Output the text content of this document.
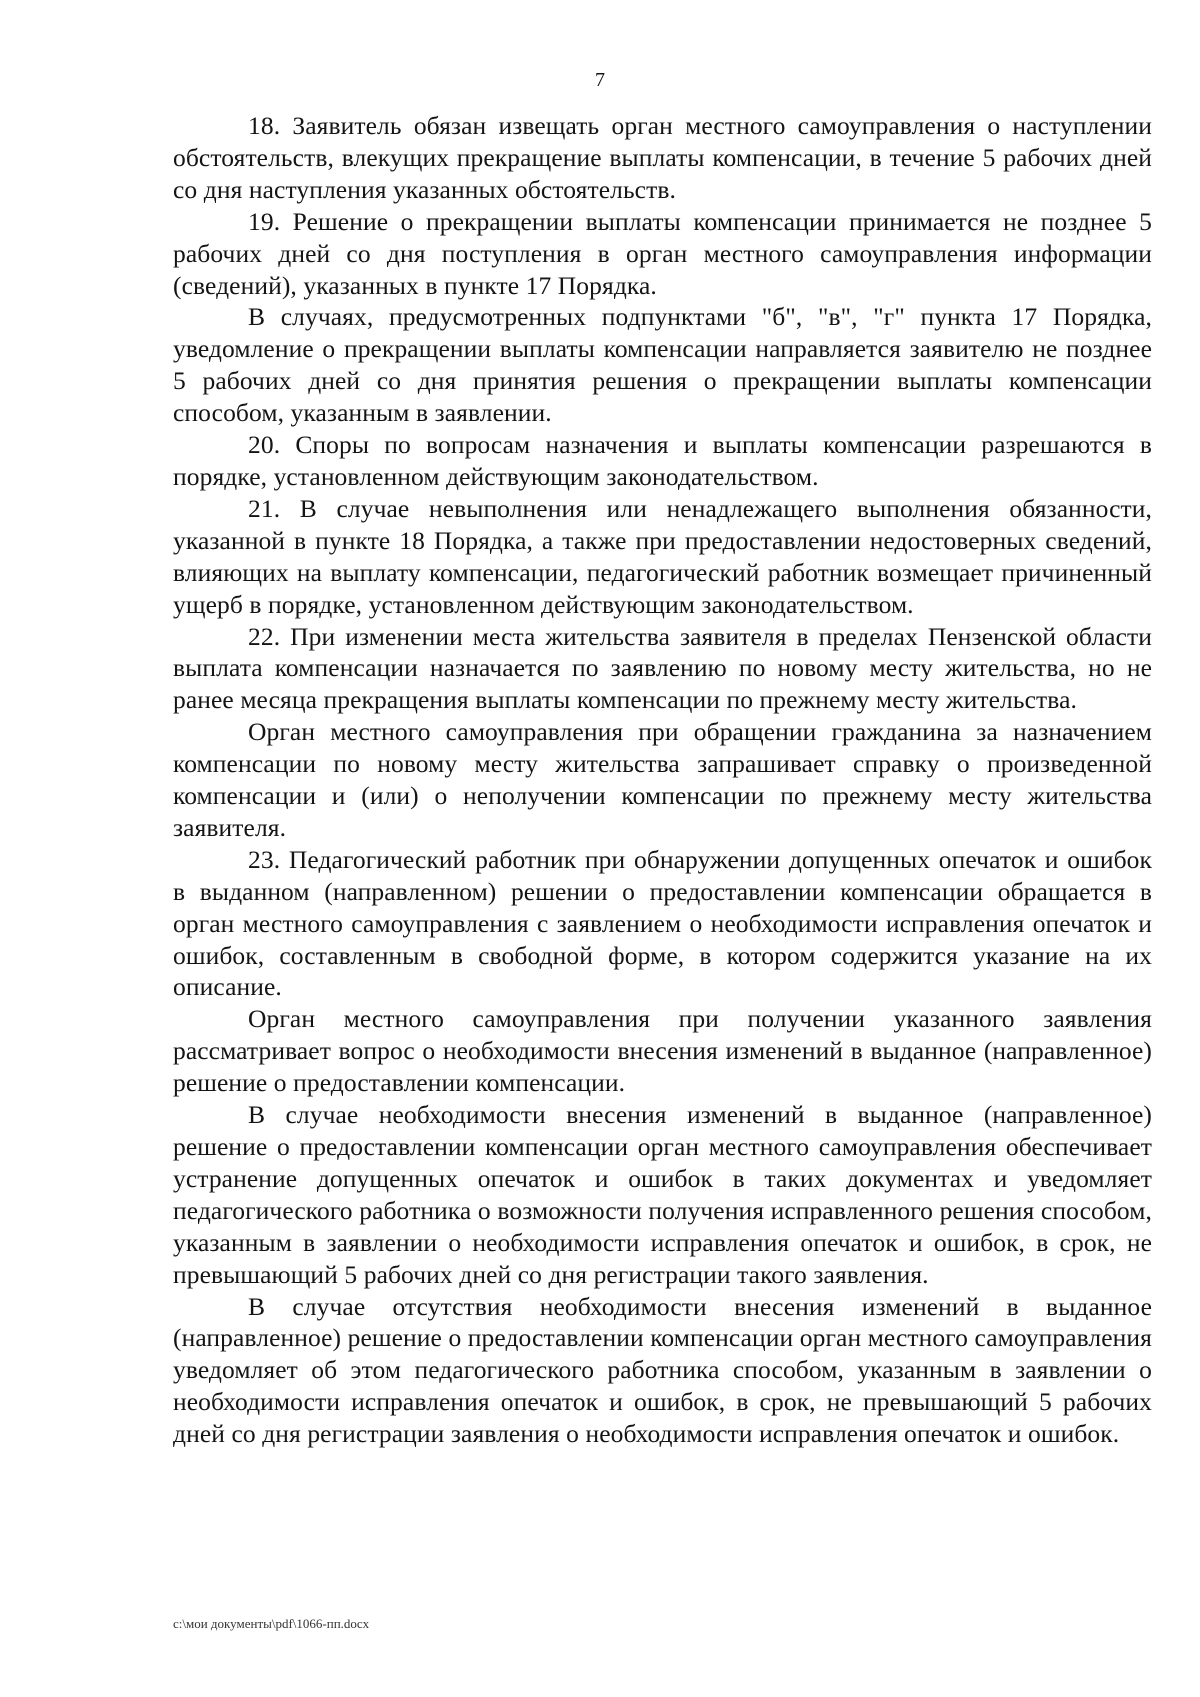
7

18. Заявитель обязан извещать орган местного самоуправления о наступлении обстоятельств, влекущих прекращение выплаты компенсации, в течение 5 рабочих дней со дня наступления указанных обстоятельств.

19. Решение о прекращении выплаты компенсации принимается не позднее 5 рабочих дней со дня поступления в орган местного самоуправления информации (сведений), указанных в пункте 17 Порядка.

В случаях, предусмотренных подпунктами "б", "в", "г" пункта 17 Порядка, уведомление о прекращении выплаты компенсации направляется заявителю не позднее 5 рабочих дней со дня принятия решения о прекращении выплаты компенсации способом, указанным в заявлении.

20. Споры по вопросам назначения и выплаты компенсации разрешаются в порядке, установленном действующим законодательством.

21. В случае невыполнения или ненадлежащего выполнения обязанности, указанной в пункте 18 Порядка, а также при предоставлении недостоверных сведений, влияющих на выплату компенсации, педагогический работник возмещает причиненный ущерб в порядке, установленном действующим законодательством.

22. При изменении места жительства заявителя в пределах Пензенской области выплата компенсации назначается по заявлению по новому месту жительства, но не ранее месяца прекращения выплаты компенсации по прежнему месту жительства.

Орган местного самоуправления при обращении гражданина за назначением компенсации по новому месту жительства запрашивает справку о произведенной компенсации и (или) о неполучении компенсации по прежнему месту жительства заявителя.

23. Педагогический работник при обнаружении допущенных опечаток и ошибок в выданном (направленном) решении о предоставлении компенсации обращается в орган местного самоуправления с заявлением о необходимости исправления опечаток и ошибок, составленным в свободной форме, в котором содержится указание на их описание.

Орган местного самоуправления при получении указанного заявления рассматривает вопрос о необходимости внесения изменений в выданное (направленное) решение о предоставлении компенсации.

В случае необходимости внесения изменений в выданное (направленное) решение о предоставлении компенсации орган местного самоуправления обеспечивает устранение допущенных опечаток и ошибок в таких документах и уведомляет педагогического работника о возможности получения исправленного решения способом, указанным в заявлении о необходимости исправления опечаток и ошибок, в срок, не превышающий 5 рабочих дней со дня регистрации такого заявления.

В случае отсутствия необходимости внесения изменений в выданное (направленное) решение о предоставлении компенсации орган местного самоуправления уведомляет об этом педагогического работника способом, указанным в заявлении о необходимости исправления опечаток и ошибок, в срок, не превышающий 5 рабочих дней со дня регистрации заявления о необходимости исправления опечаток и ошибок.

c:\мои документы\pdf\1066-пп.docx
